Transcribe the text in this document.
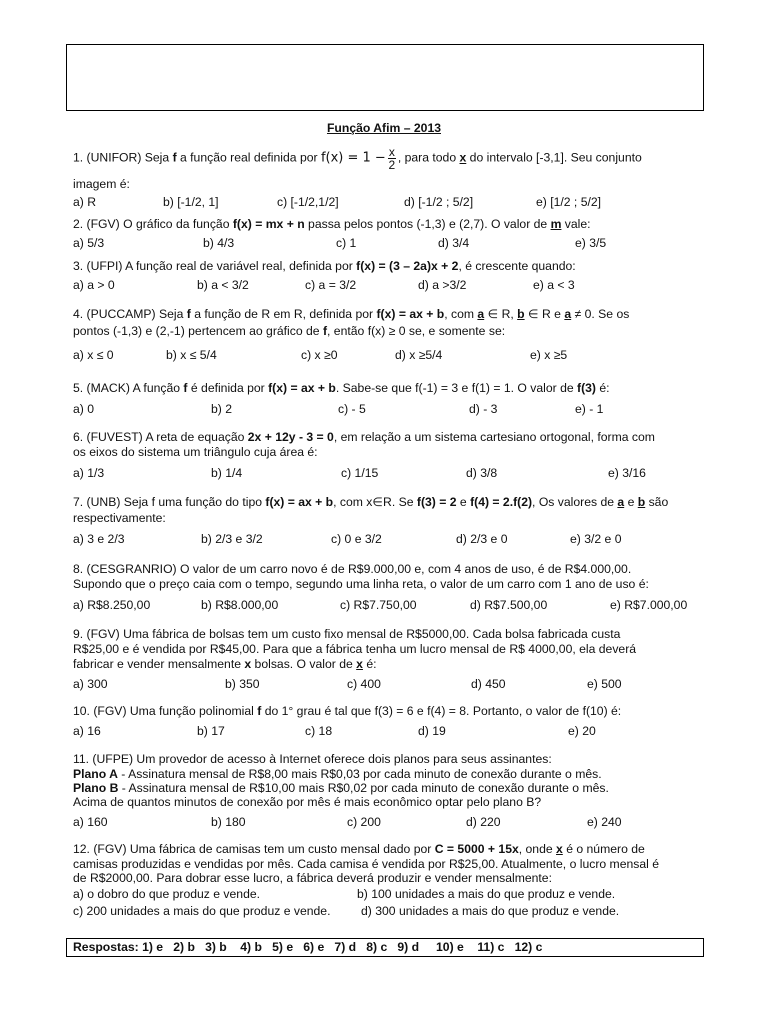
Função Afim – 2013
1. (UNIFOR) Seja f a função real definida por $f(x) = 1 - \frac{x}{2}$ , para todo x do intervalo [-3,1]. Seu conjunto
imagem é:
a) R	b) [-1/2, 1]	c) [-1/2,1/2]	d) [-1/2 ; 5/2]	e) [1/2 ; 5/2]
2. (FGV) O gráfico da função f(x) = mx + n passa pelos pontos (-1,3) e (2,7). O valor de m vale:
a) 5/3	b) 4/3	c) 1	d) 3/4	e) 3/5
3. (UFPI) A função real de variável real, definida por f(x) = (3 – 2a)x + 2, é crescente quando:
a) a > 0	b) a < 3/2	c) a = 3/2	d) a >3/2	e) a < 3
4. (PUCCAMP) Seja f a função de R em R, definida por f(x) = ax + b, com a ∈ R, b ∈ R e a ≠ 0. Se os
pontos (-1,3) e (2,-1) pertencem ao gráfico de f, então f(x) ≥ 0 se, e somente se:
a) x ≤ 0	b) x ≤ 5/4	c) x ≥0	d) x ≥5/4	e) x ≥5
5. (MACK) A função f é definida por f(x) = ax + b. Sabe-se que f(-1) = 3 e f(1) = 1. O valor de f(3) é:
a) 0	b) 2	c) - 5	d) - 3	e) - 1
6. (FUVEST) A reta de equação 2x + 12y - 3 = 0, em relação a um sistema cartesiano ortogonal, forma com
os eixos do sistema um triângulo cuja área é:
a) 1/3	b) 1/4	c) 1/15	d) 3/8	e) 3/16
7. (UNB) Seja f uma função do tipo f(x) = ax + b, com x∈R. Se f(3) = 2 e f(4) = 2.f(2), Os valores de a e b são
respectivamente:
a) 3 e 2/3	b) 2/3 e 3/2	c) 0 e 3/2	d) 2/3 e 0	e) 3/2 e 0
8. (CESGRANRIO) O valor de um carro novo é de R$9.000,00 e, com 4 anos de uso, é de R$4.000,00.
Supondo que o preço caia com o tempo, segundo uma linha reta, o valor de um carro com 1 ano de uso é:
a) R$8.250,00	b) R$8.000,00	c) R$7.750,00	d) R$7.500,00	e) R$7.000,00
9. (FGV) Uma fábrica de bolsas tem um custo fixo mensal de R$5000,00. Cada bolsa fabricada custa
R$25,00 e é vendida por R$45,00. Para que a fábrica tenha um lucro mensal de R$ 4000,00, ela deverá
fabricar e vender mensalmente x bolsas. O valor de x é:
a) 300	b) 350	c) 400	d) 450	e) 500
10. (FGV) Uma função polinomial f do 1° grau é tal que f(3) = 6 e f(4) = 8. Portanto, o valor de f(10) é:
a) 16	b) 17	c) 18	d) 19	e) 20
11. (UFPE) Um provedor de acesso à Internet oferece dois planos para seus assinantes:
Plano A - Assinatura mensal de R$8,00 mais R$0,03 por cada minuto de conexão durante o mês.
Plano B - Assinatura mensal de R$10,00 mais R$0,02 por cada minuto de conexão durante o mês.
Acima de quantos minutos de conexão por mês é mais econômico optar pelo plano B?
a) 160	b) 180	c) 200	d) 220	e) 240
12. (FGV) Uma fábrica de camisas tem um custo mensal dado por C = 5000 + 15x, onde x é o número de
camisas produzidas e vendidas por mês. Cada camisa é vendida por R$25,00. Atualmente, o lucro mensal é
de R$2000,00. Para dobrar esse lucro, a fábrica deverá produzir e vender mensalmente:
a) o dobro do que produz e vende.	b) 100 unidades a mais do que produz e vende.
c) 200 unidades a mais do que produz e vende.	d) 300 unidades a mais do que produz e vende.
Respostas: 1) e   2) b   3) b    4) b   5) e   6) e   7) d   8) c   9) d     10) e    11) c   12) c
